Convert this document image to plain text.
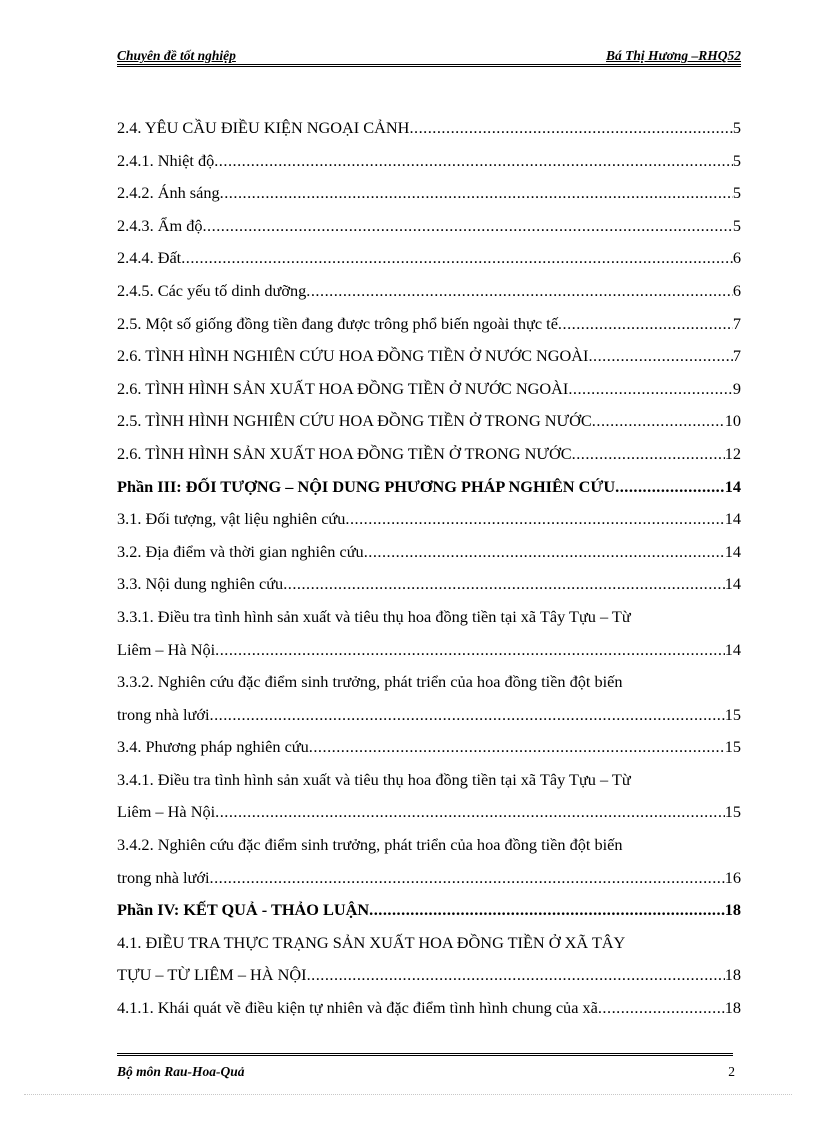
Chuyên đề tốt nghiệp	Bá Thị Hương –RHQ52
2.4. YÊU CẦU ĐIỀU KIỆN NGOẠI CẢNH .....	5
2.4.1. Nhiệt độ .....	5
2.4.2. Ánh sáng .....	5
2.4.3. Ẩm độ .....	5
2.4.4. Đất .....	6
2.4.5. Các yếu tố dinh dưỡng .....	6
2.5. Một số giống đồng tiền đang được trông phổ biến ngoài thực tế .....	7
2.6. TÌNH HÌNH NGHIÊN CỨU HOA ĐỒNG TIỀN Ở NƯỚC NGOÀI .....	7
2.6. TÌNH HÌNH SẢN XUẤT HOA ĐỒNG TIỀN Ở NƯỚC NGOÀI .....	9
2.5. TÌNH HÌNH NGHIÊN CỨU HOA ĐỒNG TIỀN Ở TRONG NƯỚC .....	10
2.6. TÌNH HÌNH SẢN XUẤT HOA ĐỒNG TIỀN Ở TRONG NƯỚC .....	12
Phần III: ĐỐI TƯỢNG – NỘI DUNG PHƯƠNG PHÁP NGHIÊN CỨU .....	14
3.1. Đối tượng, vật liệu nghiên cứu .....	14
3.2. Địa điểm và thời gian nghiên cứu .....	14
3.3. Nội dung nghiên cứu .....	14
3.3.1. Điều tra tình hình sản xuất và tiêu thụ hoa đồng tiền tại xã Tây Tựu – Từ
Liêm – Hà Nội .....	14
3.3.2. Nghiên cứu đặc điểm sinh trưởng, phát triển của hoa đồng tiền đột biến
trong nhà lưới .....	15
3.4. Phương pháp nghiên cứu .....	15
3.4.1. Điều tra tình hình sản xuất và tiêu thụ hoa đồng tiền tại xã Tây Tựu – Từ
Liêm – Hà Nội .....	15
3.4.2. Nghiên cứu đặc điểm sinh trưởng, phát triển của hoa đồng tiền đột biến
trong nhà lưới .....	16
Phần IV: KẾT QUẢ - THẢO LUẬN .....	18
4.1. ĐIỀU TRA THỰC TRẠNG SẢN XUẤT HOA ĐỒNG TIỀN Ở XÃ TÂY
TỰU – TỪ LIÊM – HÀ NỘI .....	18
4.1.1. Khái quát về điều kiện tự nhiên và đặc điểm tình hình chung của xã .....	18
Bộ môn Rau-Hoa-Quả	2
